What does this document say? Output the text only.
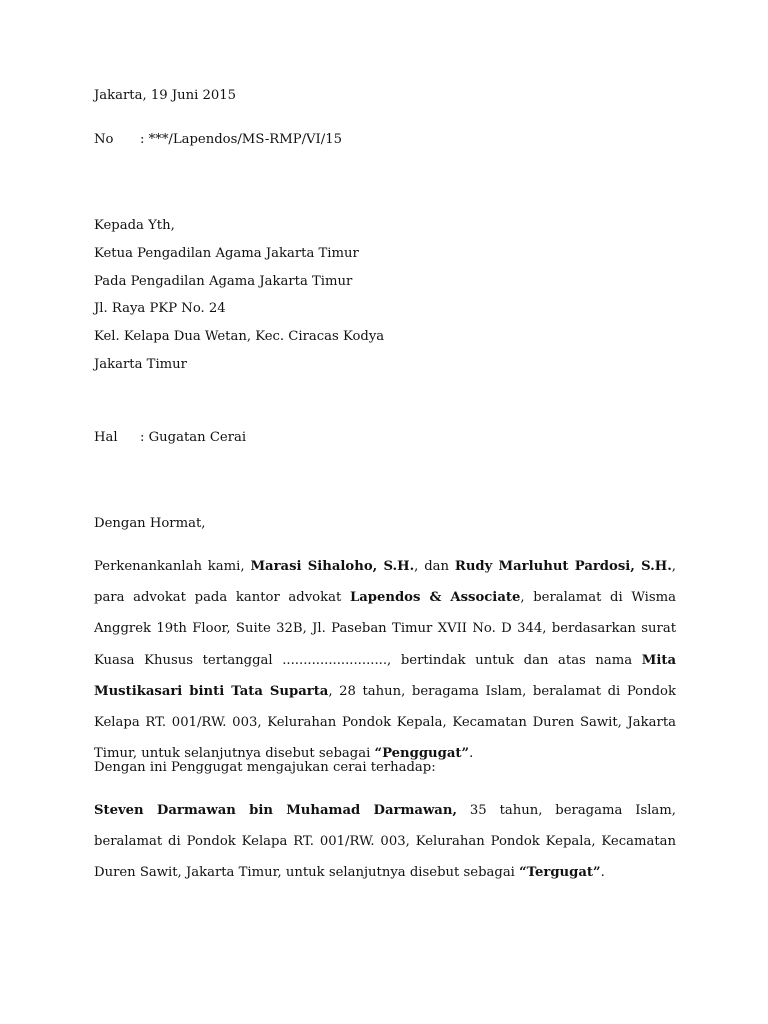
Jakarta, 19 Juni 2015
No : ***/Lapendos/MS-RMP/VI/15
Kepada Yth,
Ketua Pengadilan Agama Jakarta Timur
Pada Pengadilan Agama Jakarta Timur
Jl. Raya PKP No. 24
Kel. Kelapa Dua Wetan, Kec. Ciracas Kodya
Jakarta Timur
Hal : Gugatan Cerai
Dengan Hormat,

Perkenankanlah kami, Marasi Sihaloho, S.H., dan Rudy Marluhut Pardosi, S.H., para advokat pada kantor advokat Lapendos & Associate, beralamat di Wisma Anggrek 19th Floor, Suite 32B, Jl. Paseban Timur XVII No. D 344, berdasarkan surat Kuasa Khusus tertanggal ........................., bertindak untuk dan atas nama Mita Mustikasari binti Tata Suparta, 28 tahun, beragama Islam, beralamat di Pondok Kelapa RT. 001/RW. 003, Kelurahan Pondok Kepala, Kecamatan Duren Sawit, Jakarta Timur, untuk selanjutnya disebut sebagai “Penggugat”.

Dengan ini Penggugat mengajukan cerai terhadap:

Steven Darmawan bin Muhamad Darmawan, 35 tahun, beragama Islam, beralamat di Pondok Kelapa RT. 001/RW. 003, Kelurahan Pondok Kepala, Kecamatan Duren Sawit, Jakarta Timur, untuk selanjutnya disebut sebagai “Tergugat”.
